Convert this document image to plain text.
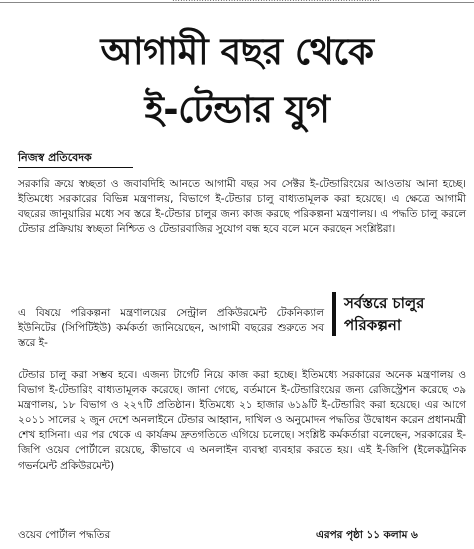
আগামী বছর থেকে
ই-টেন্ডার যুগ
নিজস্ব প্রতিবেদক
সরকারি ক্রয়ে স্বচ্ছতা ও জবাবদিহি আনতে আগামী বছর সব সেক্টর ই-টেন্ডারিংয়ের আওতায় আনা হচ্ছে। ইতিমধ্যে সরকারের বিভিন্ন মন্ত্রণালয়, বিভাগে ই-টেন্ডার চালু বাধ্যতামূলক করা হয়েছে। এ ক্ষেত্রে আগামী বছরের জানুয়ারির মধ্যে সব স্তরে ই-টেন্ডার চালুর জন্য কাজ করছে পরিকল্পনা মন্ত্রণালয়। এ পদ্ধতি চালু করলে টেন্ডার প্রক্রিয়ায় স্বচ্ছতা নিশ্চিত ও টেন্ডারবাজির সুযোগ বন্ধ হবে বলে মনে করছেন সংশ্লিষ্টরা।
এ বিষয়ে পরিকল্পনা মন্ত্রণালয়ের সেন্ট্রাল প্রকিউরমেন্ট টেকনিক্যাল ইউনিটের (সিপিটিইউ) কর্মকর্তা জানিয়েছেন, আগামী বছরের শুরুতে সব স্তরে ই-
সর্বস্তরে চালুর পরিকল্পনা
টেন্ডার চালু করা সম্ভব হবে। এজন্য টার্গেট নিয়ে কাজ করা হচ্ছে। ইতিমধ্যে সরকারের অনেক মন্ত্রণালয় ও বিভাগ ই-টেন্ডারিং বাধ্যতামূলক করেছে। জানা গেছে, বর্তমানে ই-টেন্ডারিংয়ের জন্য রেজিস্ট্রেশন করেছে ৩৯ মন্ত্রণালয়, ১৮ বিভাগ ও ২২৭টি প্রতিষ্ঠান। ইতিমধ্যে ২১ হাজার ৬১৯টি ই-টেন্ডারিং করা হয়েছে। এর আগে ২০১১ সালের ২ জুন দেশে অনলাইনে টেন্ডার আহ্বান, দাখিল ও অনুমোদন পদ্ধতির উদ্বোধন করেন প্রধানমন্ত্রী শেখ হাসিনা। এর পর থেকে এ কার্যক্রম দ্রুতগতিতে এগিয়ে চলেছে। সংশ্লিষ্ট কর্মকর্তারা বলেছেন, সরকারের ই-জিপি ওয়েব পোর্টালে রয়েছে, কীভাবে এ অনলাইন ব্যবস্থা ব্যবহার করতে হয়। এই ই-জিপি (ইলেকট্রনিক গভর্নমেন্ট প্রকিউরমেন্ট)
ওয়েব পোর্টাল পদ্ধতির	এরপর পৃষ্ঠা ১১ কলাম ৬
